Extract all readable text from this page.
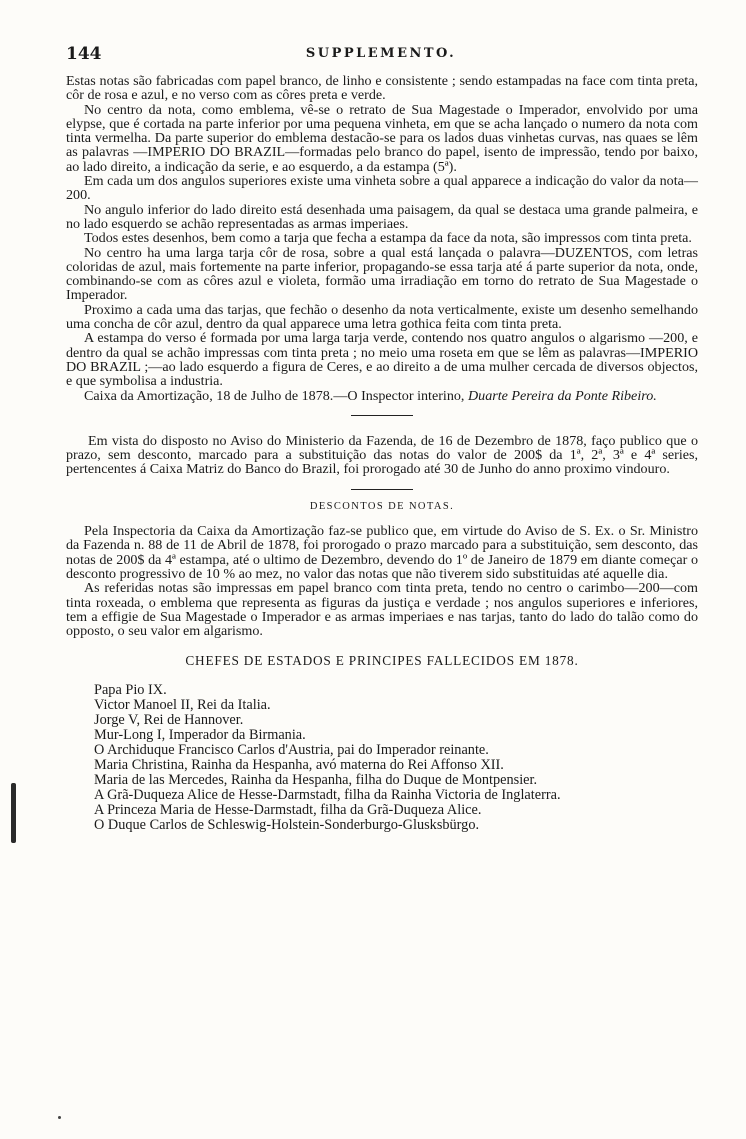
144	SUPPLEMENTO.

Estas notas são fabricadas com papel branco, de linho e consistente ; sendo estampadas na face com tinta preta, côr de rosa e azul, e no verso com as côres preta e verde.

No centro da nota, como emblema, vê-se o retrato de Sua Magestade o Imperador, envolvido por uma elypse, que é cortada na parte inferior por uma pequena vinheta, em que se acha lançado o numero da nota com tinta vermelha. Da parte superior do emblema destacão-se para os lados duas vinhetas curvas, nas quaes se lêm as palavras —IMPERIO DO BRAZIL—formadas pelo branco do papel, isento de impressão, tendo por baixo, ao lado direito, a indicação da serie, e ao esquerdo, a da estampa (5ª).

Em cada um dos angulos superiores existe uma vinheta sobre a qual apparece a indicação do valor da nota—200.

No angulo inferior do lado direito está desenhada uma paisagem, da qual se destaca uma grande palmeira, e no lado esquerdo se achão representadas as armas imperiaes.

Todos estes desenhos, bem como a tarja que fecha a estampa da face da nota, são impressos com tinta preta.

No centro ha uma larga tarja côr de rosa, sobre a qual está lançada o palavra—DUZENTOS, com letras coloridas de azul, mais fortemente na parte inferior, propagando-se essa tarja até á parte superior da nota, onde, combinando-se com as côres azul e violeta, formão uma irradiação em torno do retrato de Sua Magestade o Imperador.

Proximo a cada uma das tarjas, que fechão o desenho da nota verticalmente, existe um desenho semelhando uma concha de côr azul, dentro da qual apparece uma letra gothica feita com tinta preta.

A estampa do verso é formada por uma larga tarja verde, contendo nos quatro angulos o algarismo —200, e dentro da qual se achão impressas com tinta preta ; no meio uma roseta em que se lêm as palavras—IMPERIO DO BRAZIL ;—ao lado esquerdo a figura de Ceres, e ao direito a de uma mulher cercada de diversos objectos, e que symbolisa a industria.

Caixa da Amortização, 18 de Julho de 1878.—O Inspector interino, Duarte Pereira da Ponte Ribeiro.

Em vista do disposto no Aviso do Ministerio da Fazenda, de 16 de Dezembro de 1878, faço publico que o prazo, sem desconto, marcado para a substituição das notas do valor de 200$ da 1ª, 2ª, 3ª e 4ª series, pertencentes á Caixa Matriz do Banco do Brazil, foi prorogado até 30 de Junho do anno proximo vindouro.

DESCONTOS DE NOTAS.

Pela Inspectoria da Caixa da Amortização faz-se publico que, em virtude do Aviso de S. Ex. o Sr. Ministro da Fazenda n. 88 de 11 de Abril de 1878, foi prorogado o prazo marcado para a substituição, sem desconto, das notas de 200$ da 4ª estampa, até o ultimo de Dezembro, devendo do 1º de Janeiro de 1879 em diante começar o desconto progressivo de 10 % ao mez, no valor das notas que não tiverem sido substituidas até aquelle dia.

As referidas notas são impressas em papel branco com tinta preta, tendo no centro o carimbo—200—com tinta roxeada, o emblema que representa as figuras da justiça e verdade ; nos angulos superiores e inferiores, tem a effigie de Sua Magestade o Imperador e as armas imperiaes e nas tarjas, tanto do lado do talão como do opposto, o seu valor em algarismo.

CHEFES DE ESTADOS E PRINCIPES FALLECIDOS EM 1878.
Papa Pio IX.
Victor Manoel II, Rei da Italia.
Jorge V, Rei de Hannover.
Mur-Long I, Imperador da Birmania.
O Archiduque Francisco Carlos d'Austria, pai do Imperador reinante.
Maria Christina, Rainha da Hespanha, avó materna do Rei Affonso XII.
Maria de las Mercedes, Rainha da Hespanha, filha do Duque de Montpensier.
A Grã-Duqueza Alice de Hesse-Darmstadt, filha da Rainha Victoria de Inglaterra.
A Princeza Maria de Hesse-Darmstadt, filha da Grã-Duqueza Alice.
O Duque Carlos de Schleswig-Holstein-Sonderburgo-Glusksbürgo.
